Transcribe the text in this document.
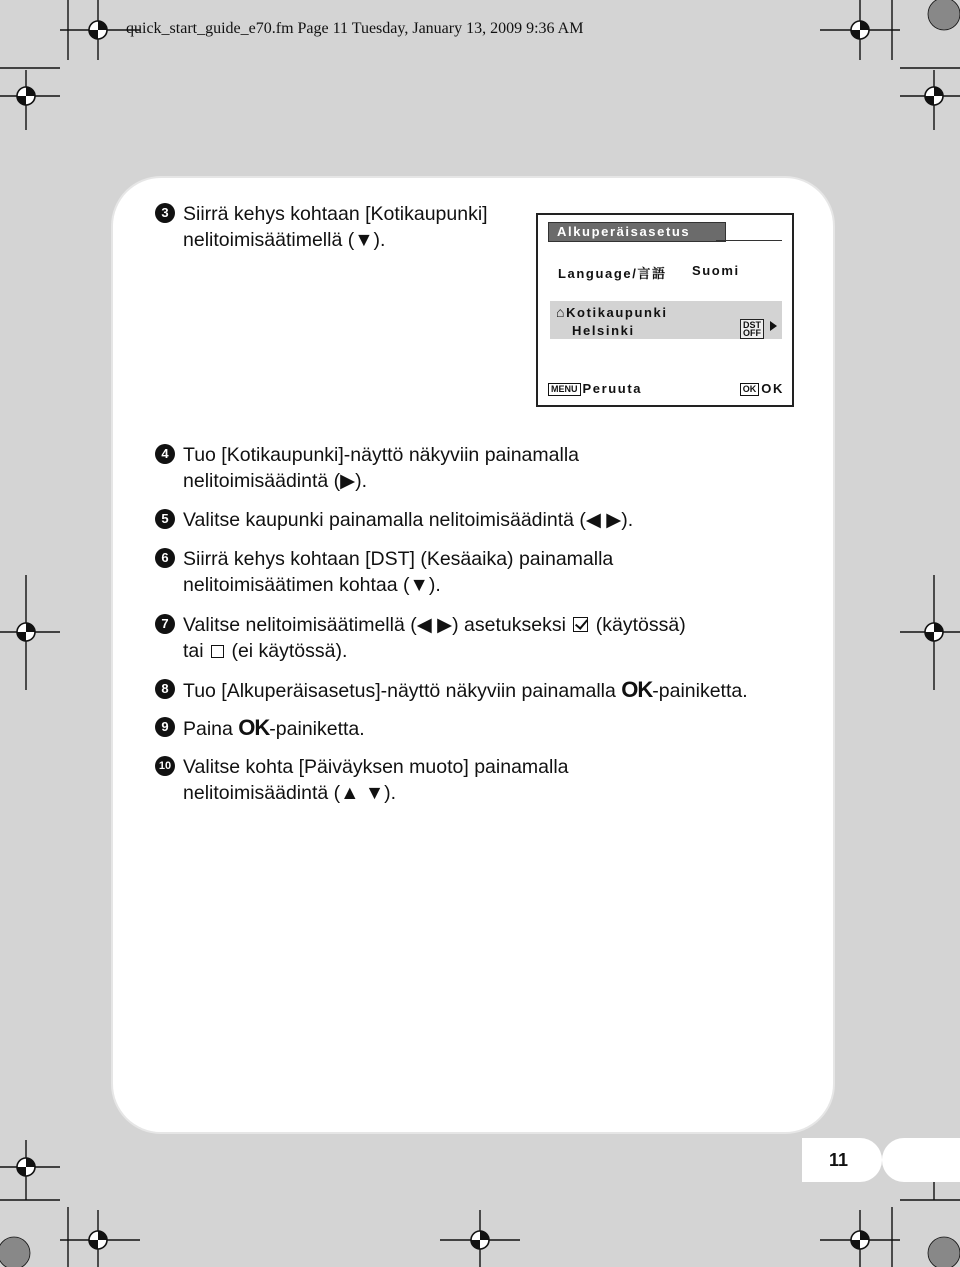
quick_start_guide_e70.fm Page 11 Tuesday, January 13, 2009 9:36 AM
3 Siirrä kehys kohtaan [Kotikaupunki]
nelitoimisäätimellä (▼).	Alkuperäisasetus
Language/言語 Suomi
⌂Kotikaupunki
Helsinki	DST
OFF
MENU Peruuta	OK OK
4 Tuo [Kotikaupunki]-näyttö näkyviin painamalla
nelitoimisäädintä (▶).
5 Valitse kaupunki painamalla nelitoimisäädintä (◀ ▶).
6 Siirrä kehys kohtaan [DST] (Kesäaika) painamalla
nelitoimisäätimen kohtaa (▼).
7 Valitse nelitoimisäätimellä (◀ ▶) asetukseksi (käytössä)
tai (ei käytössä).
8 Tuo [Alkuperäisasetus]-näyttö näkyviin painamalla OK-painiketta.
9 Paina OK-painiketta.
10 Valitse kohta [Päiväyksen muoto] painamalla
nelitoimisäädintä (▲ ▼).
11
